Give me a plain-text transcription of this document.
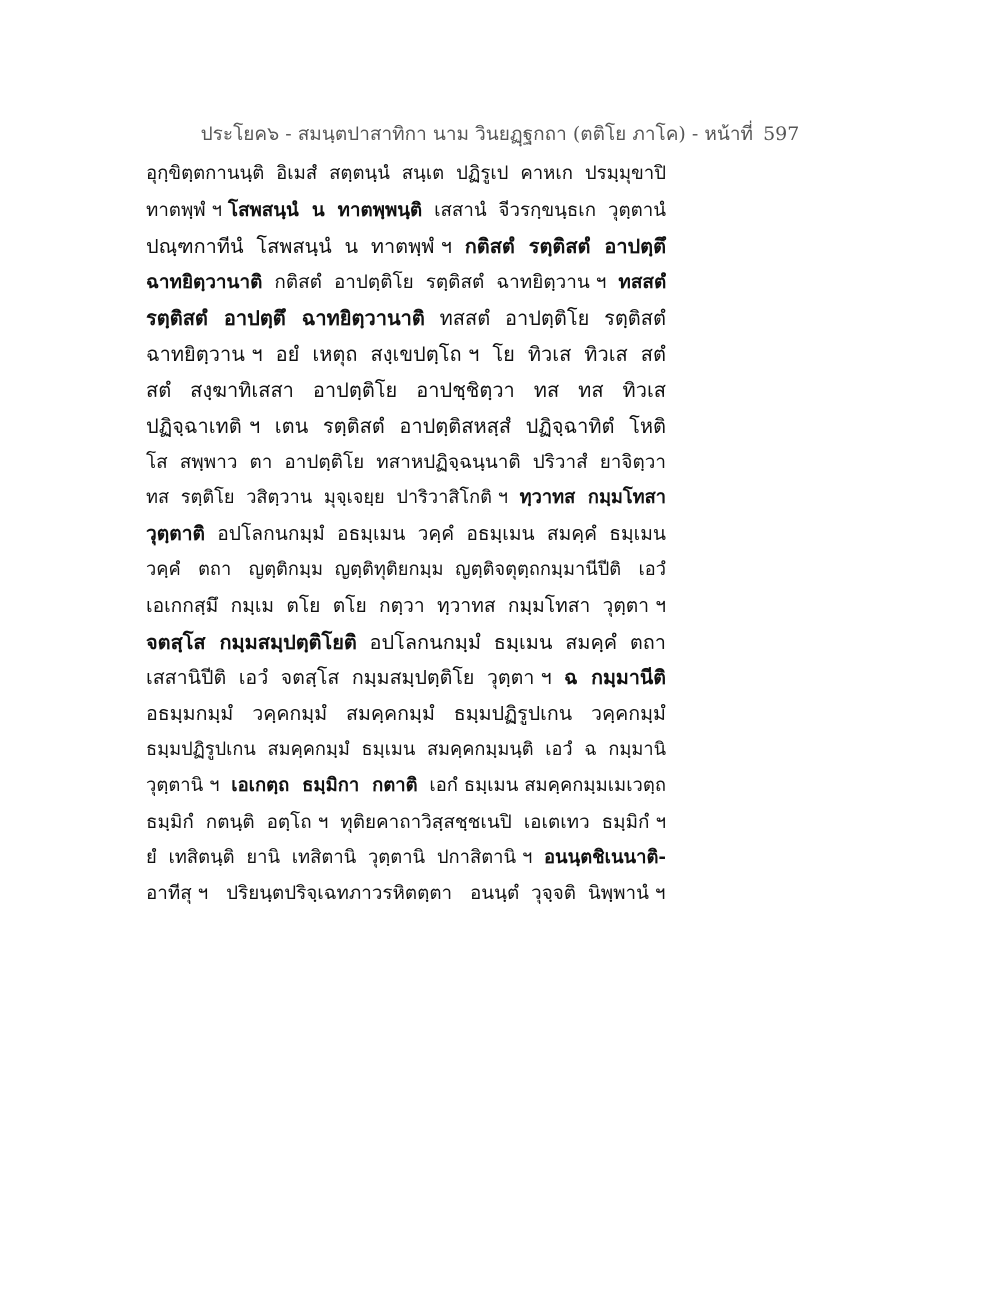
ประโยค๖ - สมนฺตปาสาทิกา นาม วินยฏฺฐกถา (ตติโย ภาโค) - หน้าที่ 597
อุกฺขิตฺตกานนฺติ  อิเมสํ  สตฺตนฺนํ  สนฺเต  ปฏิรูเป  คาหเก  ปรมฺมุขาปิ
ทาตพฺพํ ฯ โสพสนฺนํ  น  ทาตพฺพนฺติ  เสสานํ  จีวรกฺขนฺธเก  วุตฺตานํ
ปณฺฑกาทีนํ  โสพสนฺนํ  น  ทาตพฺพํ ฯ  กติสตํ  รตฺติสตํ  อาปตฺตึ
ฉาทยิตฺวานาติ  กติสตํ  อาปตฺติโย  รตฺติสตํ  ฉาทยิตฺวาน ฯ  ทสสตํ
รตฺติสตํ  อาปตฺตึ  ฉาทยิตฺวานาติ  ทสสตํ  อาปตฺติโย  รตฺติสตํ
ฉาทยิตฺวาน ฯ  อยํ  เหตุถ  สงฺเขปตฺโถ ฯ  โย  ทิวเส  ทิวเส  สตํ
สตํ  สงฺฆาทิเสสา  อาปตฺติโย  อาปชฺชิตฺวา  ทส  ทส  ทิวเส
ปฏิจฺฉาเทติ ฯ  เตน  รตฺติสตํ  อาปตฺติสหสฺสํ  ปฏิจฺฉาทิตํ  โหติ
โส  สพฺพาว  ตา  อาปตฺติโย  ทสาหปฏิจฺฉนฺนาติ  ปริวาสํ  ยาจิตฺวา
ทส  รตฺติโย  วสิตฺวาน  มุจฺเจยฺย  ปาริวาสิโกติ ฯ  ทฺวาทส  กมฺมโทสา
วุตฺตาติ  อปโลกนกมฺมํ  อธมฺเมน  วคฺคํ  อธมฺเมน  สมคฺคํ  ธมฺเมน
วคฺคํ   ตถา   ญตฺติกมฺม  ญตฺติทุติยกมฺม  ญตฺติจตุตฺถกมฺมานีปีติ   เอวํ
เอเกกสฺมึ  กมฺเม  ตโย  ตโย  กตฺวา  ทฺวาทส  กมฺมโทสา  วุตฺตา ฯ
จตสฺโส  กมฺมสมฺปตฺติโยติ  อปโลกนกมฺมํ  ธมฺเมน  สมคฺคํ  ตถา
เสสานิปีติ  เอวํ  จตสฺโส  กมฺมสมฺปตฺติโย  วุตฺตา ฯ  ฉ  กมฺมานีติ
อธมฺมกมฺมํ   วคฺคกมฺมํ   สมคฺคกมฺมํ   ธมฺมปฏิรูปเกน   วคฺคกมฺมํ
ธมฺมปฏิรูปเกน  สมคฺคกมฺมํ  ธมฺเมน  สมคฺคกมฺมนฺติ  เอวํ  ฉ  กมฺมานิ
วุตฺตานิ ฯ  เอเกตฺถ  ธมฺมิกา  กตาติ  เอกํ ธมฺเมน สมคฺคกมฺมเมเวตฺถ
ธมฺมิกํ  กตนฺติ  อตฺโถ ฯ  ทุติยคาถาวิสฺสชฺชเนปิ  เอเตเทว  ธมฺมิกํ ฯ
ยํ  เทสิตนฺติ  ยานิ  เทสิตานิ  วุตฺตานิ  ปกาสิตานิ ฯ  อนนฺตชิเนนาติ-
อาทีสุ ฯ   ปริยนฺตปริจฺเฉทภาวรหิตตฺตา   อนนฺตํ  วุจฺจติ  นิพฺพานํ ฯ
